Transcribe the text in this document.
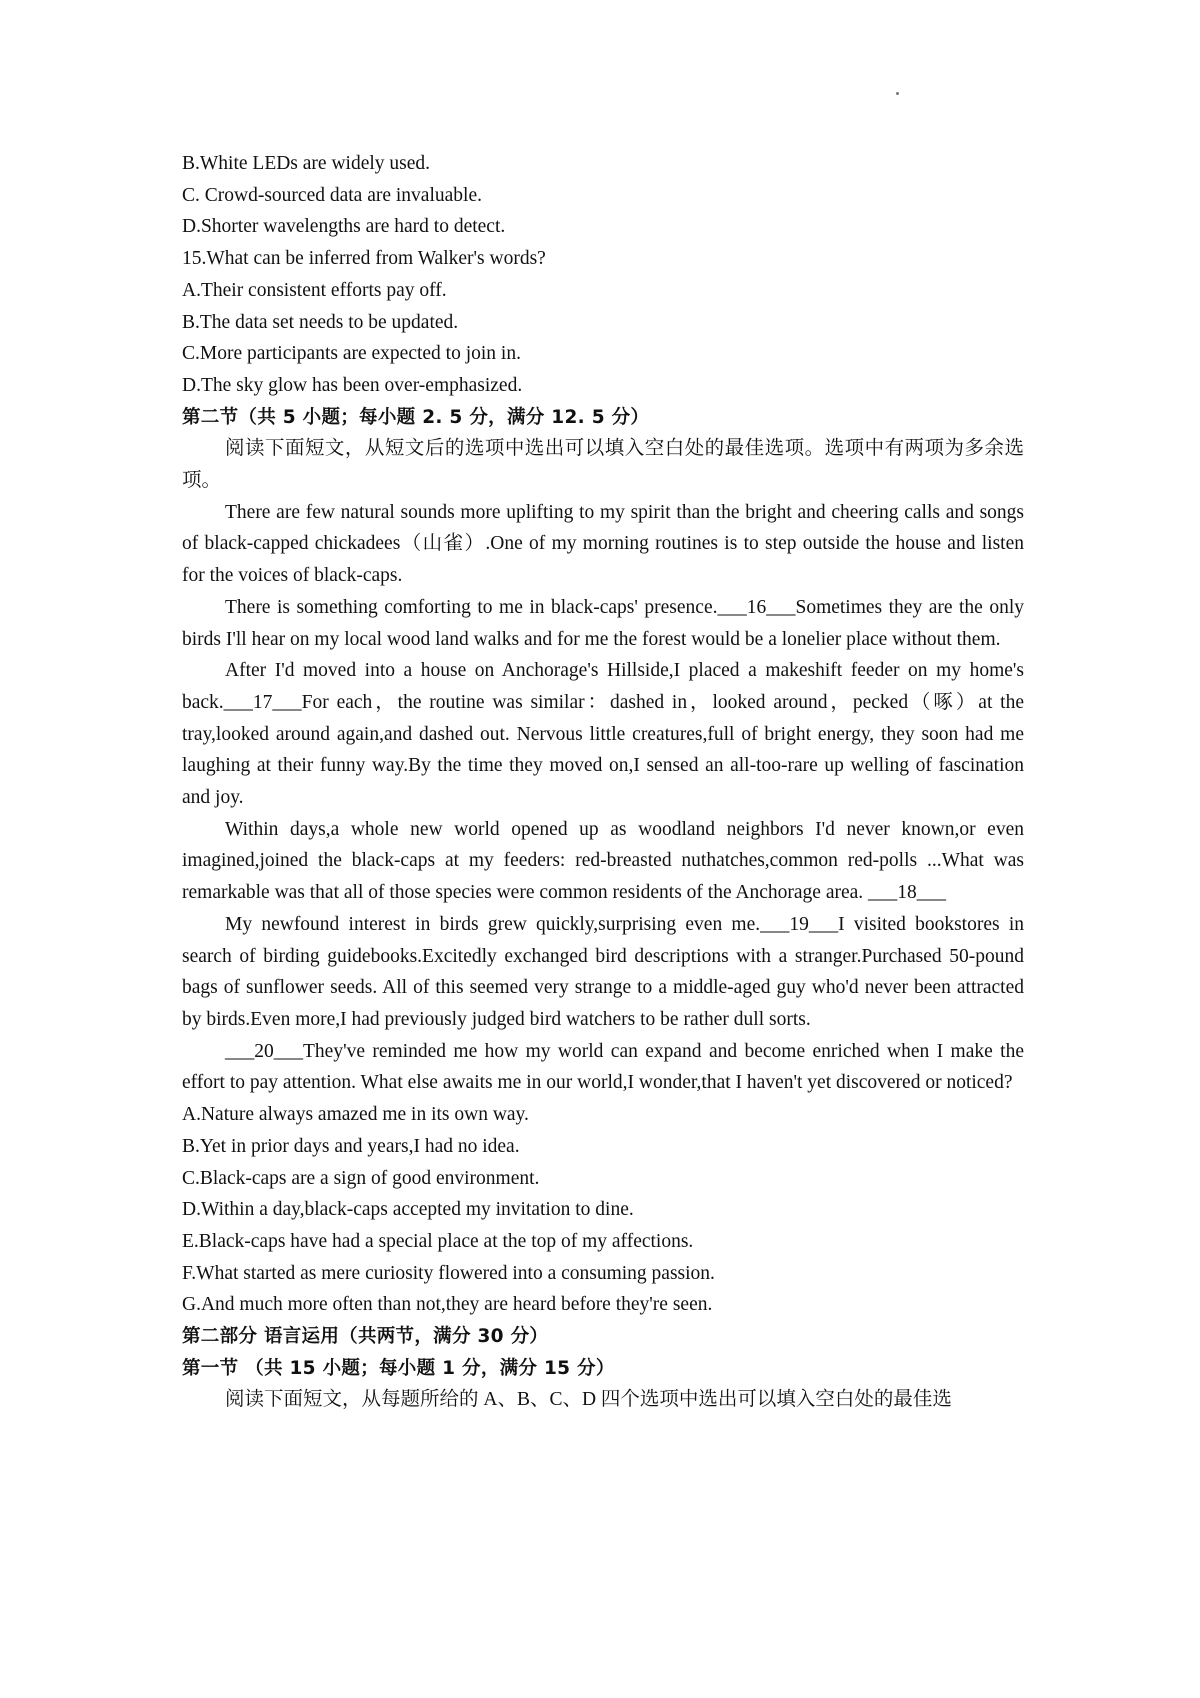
B.White LEDs are widely used.

C. Crowd-sourced data are invaluable.

D.Shorter wavelengths are hard to detect.

15.What can be inferred from Walker's words?

A.Their consistent efforts pay off.

B.The data set needs to be updated.

C.More participants are expected to join in.

D.The sky glow has been over-emphasized.

第二节（共 5 小题；每小题 2. 5 分，满分 12. 5 分）

阅读下面短文，从短文后的选项中选出可以填入空白处的最佳选项。选项中有两项为多余选项。

There are few natural sounds more uplifting to my spirit than the bright and cheering calls and songs of black-capped chickadees（山雀）.One of my morning routines is to step outside the house and listen for the voices of black-caps.

There is something comforting to me in black-caps' presence.___16___Sometimes they are the only birds I'll hear on my local wood land walks and for me the forest would be a lonelier place without them.

After I'd moved into a house on Anchorage's Hillside,I placed a makeshift feeder on my home's back.___17___For each，the routine was similar：dashed in，looked around，pecked（啄）at the tray,looked around again,and dashed out. Nervous little creatures,full of bright energy, they soon had me laughing at their funny way.By the time they moved on,I sensed an all-too-rare up welling of fascination and joy.

Within days,a whole new world opened up as woodland neighbors I'd never known,or even imagined,joined the black-caps at my feeders: red-breasted nuthatches,common red-polls ...What was remarkable was that all of those species were common residents of the Anchorage area. ___18___

My newfound interest in birds grew quickly,surprising even me.___19___I visited bookstores in search of birding guidebooks.Excitedly exchanged bird descriptions with a stranger.Purchased 50-pound bags of sunflower seeds. All of this seemed very strange to a middle-aged guy who'd never been attracted by birds.Even more,I had previously judged bird watchers to be rather dull sorts.

___20___They've reminded me how my world can expand and become enriched when I make the effort to pay attention. What else awaits me in our world,I wonder,that I haven't yet discovered or noticed?

A.Nature always amazed me in its own way.

B.Yet in prior days and years,I had no idea.

C.Black-caps are a sign of good environment.

D.Within a day,black-caps accepted my invitation to dine.

E.Black-caps have had a special place at the top of my affections.

F.What started as mere curiosity flowered into a consuming passion.

G.And much more often than not,they are heard before they're seen.

第二部分 语言运用（共两节，满分 30 分）

第一节 （共 15 小题；每小题 1 分，满分 15 分）

阅读下面短文，从每题所给的 A、B、C、D 四个选项中选出可以填入空白处的最佳选
